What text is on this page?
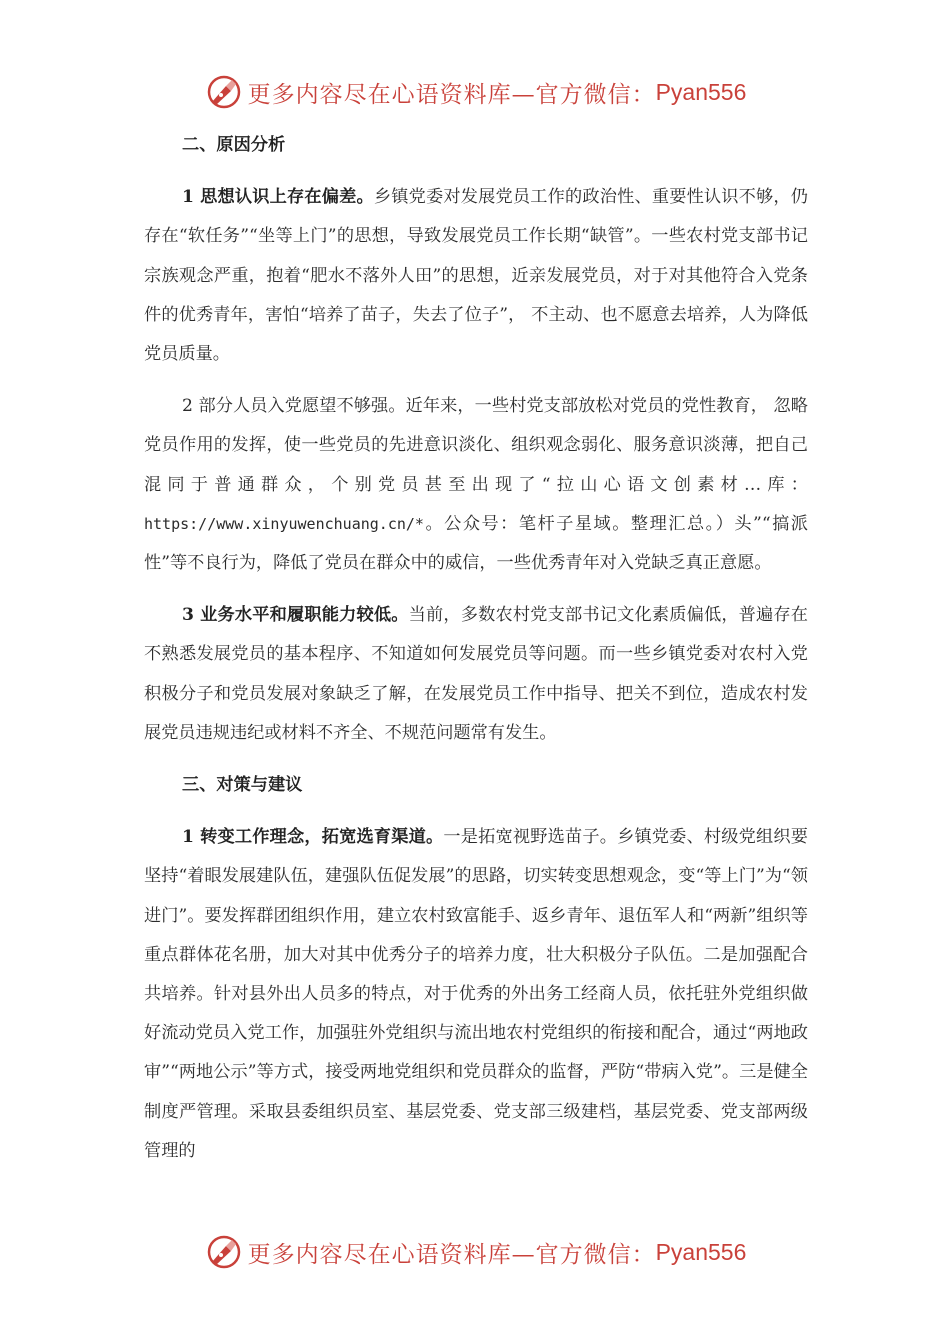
更多内容尽在心语资料库—官方微信： Pyan556
二、原因分析

1 思想认识上存在偏差。乡镇党委对发展党员工作的政治性、重要性认识不够，仍存在“软任务”“坐等上门”的思想，导致发展党员工作长期“缺管”。一些农村党支部书记宗族观念严重，抱着“肥水不落外人田”的思想，近亲发展党员，对于对其他符合入党条件的优秀青年，害怕“培养了苗子，失去了位子”， 不主动、也不愿意去培养，人为降低党员质量。

2 部分人员入党愿望不够强。近年来，一些村党支部放松对党员的党性教育， 忽略党员作用的发挥，使一些党员的先进意识淡化、组织观念弱化、服务意识淡薄，把自己混同于普通群众，个别党员甚至出现了“拉山心语文创素材…库：https://www.xinyuwenchuang.cn/*。公众号：笔杆子星域。整理汇总。）头”“搞派性”等不良行为，降低了党员在群众中的威信，一些优秀青年对入党缺乏真正意愿。

3 业务水平和履职能力较低。当前，多数农村党支部书记文化素质偏低，普遍存在不熟悉发展党员的基本程序、不知道如何发展党员等问题。而一些乡镇党委对农村入党积极分子和党员发展对象缺乏了解，在发展党员工作中指导、把关不到位，造成农村发展党员违规违纪或材料不齐全、不规范问题常有发生。

三、对策与建议

1 转变工作理念，拓宽选育渠道。一是拓宽视野选苗子。乡镇党委、村级党组织要坚持“着眼发展建队伍，建强队伍促发展”的思路，切实转变思想观念，变“等上门”为“领进门”。要发挥群团组织作用，建立农村致富能手、返乡青年、退伍军人和“两新”组织等重点群体花名册，加大对其中优秀分子的培养力度，壮大积极分子队伍。二是加强配合共培养。针对县外出人员多的特点，对于优秀的外出务工经商人员，依托驻外党组织做好流动党员入党工作，加强驻外党组织与流出地农村党组织的衔接和配合，通过“两地政审”“两地公示”等方式，接受两地党组织和党员群众的监督，严防“带病入党”。三是健全制度严管理。采取县委组织员室、基层党委、党支部三级建档，基层党委、党支部两级管理的

更多内容尽在心语资料库—官方微信： Pyan556
